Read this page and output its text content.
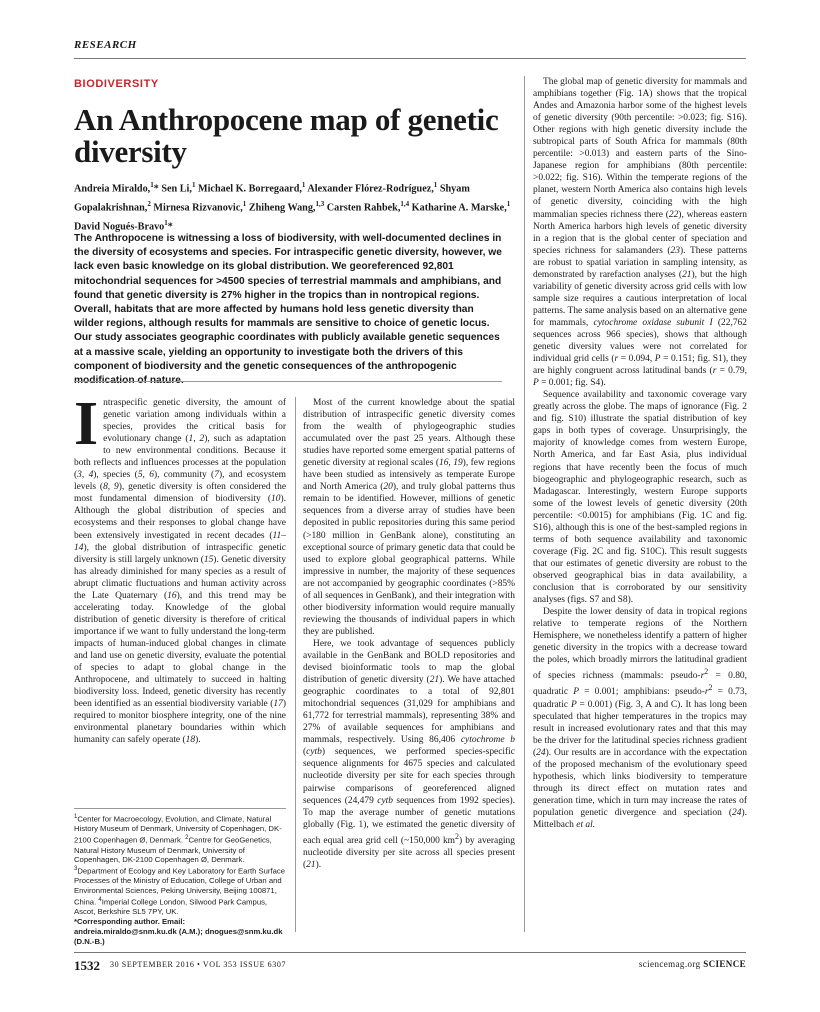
RESEARCH
BIODIVERSITY
An Anthropocene map of genetic diversity
Andreia Miraldo,$^1$* Sen Li,$^1$ Michael K. Borregaard,$^1$ Alexander Flórez-Rodríguez,$^1$ Shyam Gopalakrishnan,$^2$ Mirnesa Rizvanovic,$^1$ Zhiheng Wang,$^{1,3}$ Carsten Rahbek,$^{1,4}$ Katharine A. Marske,$^1$ David Nogués-Bravo$^1$*
The Anthropocene is witnessing a loss of biodiversity, with well-documented declines in the diversity of ecosystems and species. For intraspecific genetic diversity, however, we lack even basic knowledge on its global distribution. We georeferenced 92,801 mitochondrial sequences for >4500 species of terrestrial mammals and amphibians, and found that genetic diversity is 27% higher in the tropics than in nontropical regions. Overall, habitats that are more affected by humans hold less genetic diversity than wilder regions, although results for mammals are sensitive to choice of genetic locus. Our study associates geographic coordinates with publicly available genetic sequences at a massive scale, yielding an opportunity to investigate both the drivers of this component of biodiversity and the genetic consequences of the anthropogenic

Intraspecific genetic diversity, the amount of genetic variation among individuals within a species, provides the critical basis for evolutionary change (1, 2), such as adaptation to new environmental conditions. Because it both reflects and influences processes at the population (3, 4), species (5, 6), community (7), and ecosystem levels (8, 9), genetic diversity is often considered the most fundamental dimension of biodiversity (10). Although the global distribution of species and ecosystems and their responses to global change have been extensively investigated in recent decades (11–14), the global distribution of intraspecific genetic diversity is still largely unknown (15). Genetic diversity has already diminished for many species as a result of abrupt climatic fluctuations and human activity across the Late Quaternary (16), and this trend may be accelerating today. Knowledge of the global distribution of genetic diversity is therefore of critical importance if we want to fully understand the long-term impacts of human-induced global changes in climate and land use on genetic diversity, evaluate the potential of species to adapt to global change in the Anthropocene, and ultimately to succeed in halting biodiversity loss. Indeed, genetic diversity has recently been identified as an essential biodiversity variable (17) required to monitor biosphere integrity, one of the nine environmental planetary boundaries within which humanity can safely operate (18).

$^1$Center for Macroecology, Evolution, and Climate, Natural History Museum of Denmark, University of Copenhagen, DK-2100 Copenhagen Ø, Denmark. $^2$Centre for GeoGenetics, Natural History Museum of Denmark, University of Copenhagen, DK-2100 Copenhagen Ø, Denmark. $^3$Department of Ecology and Key Laboratory for Earth Surface Processes of the Ministry of Education, College of Urban and Environmental Sciences, Peking University, Beijing 100871, China. $^4$Imperial College London, Silwood Park Campus, Ascot, Berkshire SL5 7PY, UK.
*Corresponding author. Email: andreia.miraldo@snm.ku.dk (A.M.); dnogues@snm.ku.dk (D.N.-B.)

Most of the current knowledge about the spatial distribution of intraspecific genetic diversity comes from the wealth of phylogeographic studies accumulated over the past 25 years. Although these studies have reported some emergent spatial patterns of genetic diversity at regional scales (16, 19), few regions have been studied as intensively as temperate Europe and North America (20), and truly global patterns thus remain to be identified. However, millions of genetic sequences from a diverse array of studies have been deposited in public repositories during this same period (>180 million in GenBank alone), constituting an exceptional source of primary genetic data that could be used to explore global geographical patterns. While impressive in number, the majority of these sequences are not accompanied by geographic coordinates (>85% of all sequences in GenBank), and their integration with other biodiversity information would require manually reviewing the thousands of individual papers in which they are published.

Here, we took advantage of sequences publicly available in the GenBank and BOLD repositories and devised bioinformatic tools to map the global distribution of genetic diversity (21). We have attached geographic coordinates to a total of 92,801 mitochondrial sequences (31,029 for amphibians and 61,772 for terrestrial mammals), representing 38% and 27% of available sequences for amphibians and mammals, respectively. Using 86,406 cytochrome b (cytb) sequences, we performed species-specific sequence alignments for 4675 species and calculated nucleotide diversity per site for each species through pairwise comparisons of georeferenced aligned sequences (24,479 cytb sequences from 1992 species). To map the average number of genetic mutations globally (Fig. 1), we estimated the genetic diversity of each equal area grid cell (~150,000 $km^2$) by averaging nucleotide diversity per site across all species present (21).

The global map of genetic diversity for mammals and amphibians together (Fig. 1A) shows that the tropical Andes and Amazonia harbor some of the highest levels of genetic diversity (90th percentile: >0.023; fig. S16). Other regions with high genetic diversity include the subtropical parts of South Africa for mammals (80th percentile: >0.013) and eastern parts of the Sino-Japanese region for amphibians (80th percentile: >0.022; fig. S16). Within the temperate regions of the planet, western North America also contains high levels of genetic diversity, coinciding with the high mammalian species richness there (22), whereas eastern North America harbors high levels of genetic diversity in a region that is the global center of speciation and species richness for salamanders (23). These patterns are robust to spatial variation in sampling intensity, as demonstrated by rarefaction analyses (21), but the high variability of genetic diversity across grid cells with low sample size requires a cautious interpretation of local patterns. The same analysis based on an alternative gene for mammals, cytochrome oxidase subunit I (22,762 sequences across 966 species), shows that although genetic diversity values were not correlated for individual grid cells (r = 0.094, P = 0.151; fig. S1), they are highly congruent across latitudinal bands (r = 0.79, P = 0.001; fig. S4).

Sequence availability and taxonomic coverage vary greatly across the globe. The maps of ignorance (Fig. 2 and fig. S10) illustrate the spatial distribution of key gaps in both types of coverage. Unsurprisingly, the majority of knowledge comes from western Europe, North America, and far East Asia, plus individual regions that have recently been the focus of much biogeographic and phylogeographic research, such as Madagascar. Interestingly, western Europe supports some of the lowest levels of genetic diversity (20th percentile: <0.0015) for amphibians (Fig. 1C and fig. S16), although this is one of the best-sampled regions in terms of both sequence availability and taxonomic coverage (Fig. 2C and fig. S10C). This result suggests that our estimates of genetic diversity are robust to the observed geographical bias in data availability, a conclusion that is corroborated by our sensitivity analyses (figs. S7 and S8).

Despite the lower density of data in tropical regions relative to temperate regions of the Northern Hemisphere, we nonetheless identify a pattern of higher genetic diversity in the tropics with a decrease toward the poles, which broadly mirrors the latitudinal gradient of species richness (mammals: pseudo-$r^2 = 0.80$, quadratic P = 0.001; amphibians: pseudo-$r^2 = 0.73$, quadratic P = 0.001) (Fig. 3, A and C). It has long been speculated that higher temperatures in the tropics may result in increased evolutionary rates and that this may be the driver for the latitudinal species richness gradient (24). Our results are in accordance with the expectation of the proposed mechanism of the evolutionary speed hypothesis, which links biodiversity to temperature through its direct effect on mutation rates and generation time, which in turn may increase the rates of population genetic divergence and speciation (24). Mittelbach et al.

1532 30 SEPTEMBER 2016 • VOL 353 ISSUE 6307	sciencemag.org SCIENCE
